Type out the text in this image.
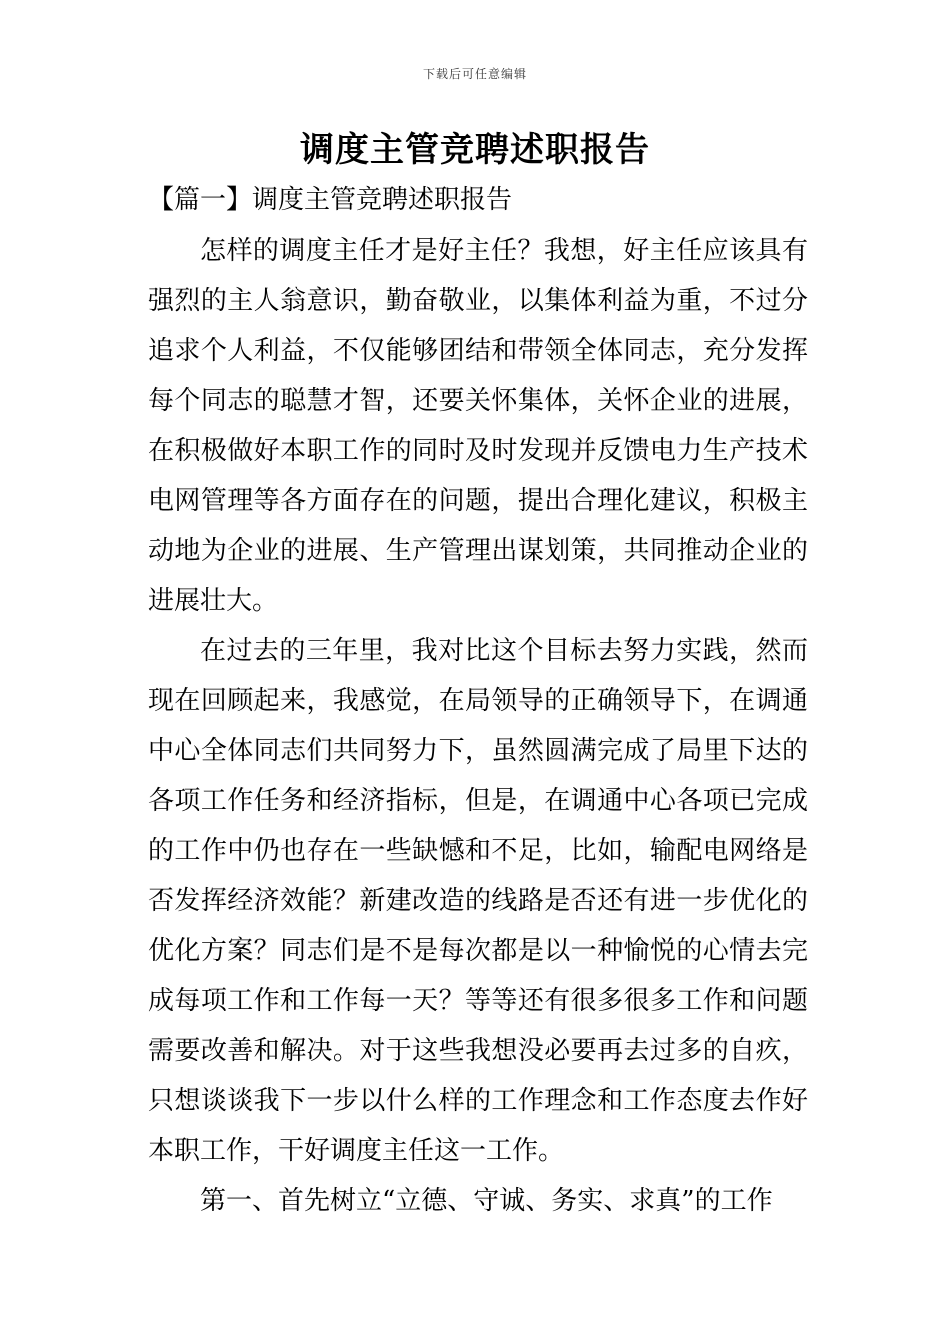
下载后可任意编辑
调度主管竞聘述职报告
【篇一】调度主管竞聘述职报告

怎样的调度主任才是好主任？我想，好主任应该具有强烈的主人翁意识，勤奋敬业，以集体利益为重，不过分追求个人利益，不仅能够团结和带领全体同志，充分发挥每个同志的聪慧才智，还要关怀集体，关怀企业的进展，在积极做好本职工作的同时及时发现并反馈电力生产技术电网管理等各方面存在的问题，提出合理化建议，积极主动地为企业的进展、生产管理出谋划策，共同推动企业的进展壮大。

在过去的三年里，我对比这个目标去努力实践，然而现在回顾起来，我感觉，在局领导的正确领导下，在调通中心全体同志们共同努力下，虽然圆满完成了局里下达的各项工作任务和经济指标，但是，在调通中心各项已完成的工作中仍也存在一些缺憾和不足，比如，输配电网络是否发挥经济效能？新建改造的线路是否还有进一步优化的优化方案？同志们是不是每次都是以一种愉悦的心情去完成每项工作和工作每一天？等等还有很多很多工作和问题需要改善和解决。对于这些我想没必要再去过多的自疚，只想谈谈我下一步以什么样的工作理念和工作态度去作好本职工作，干好调度主任这一工作。

第一、首先树立“立德、守诚、务实、求真”的工作
